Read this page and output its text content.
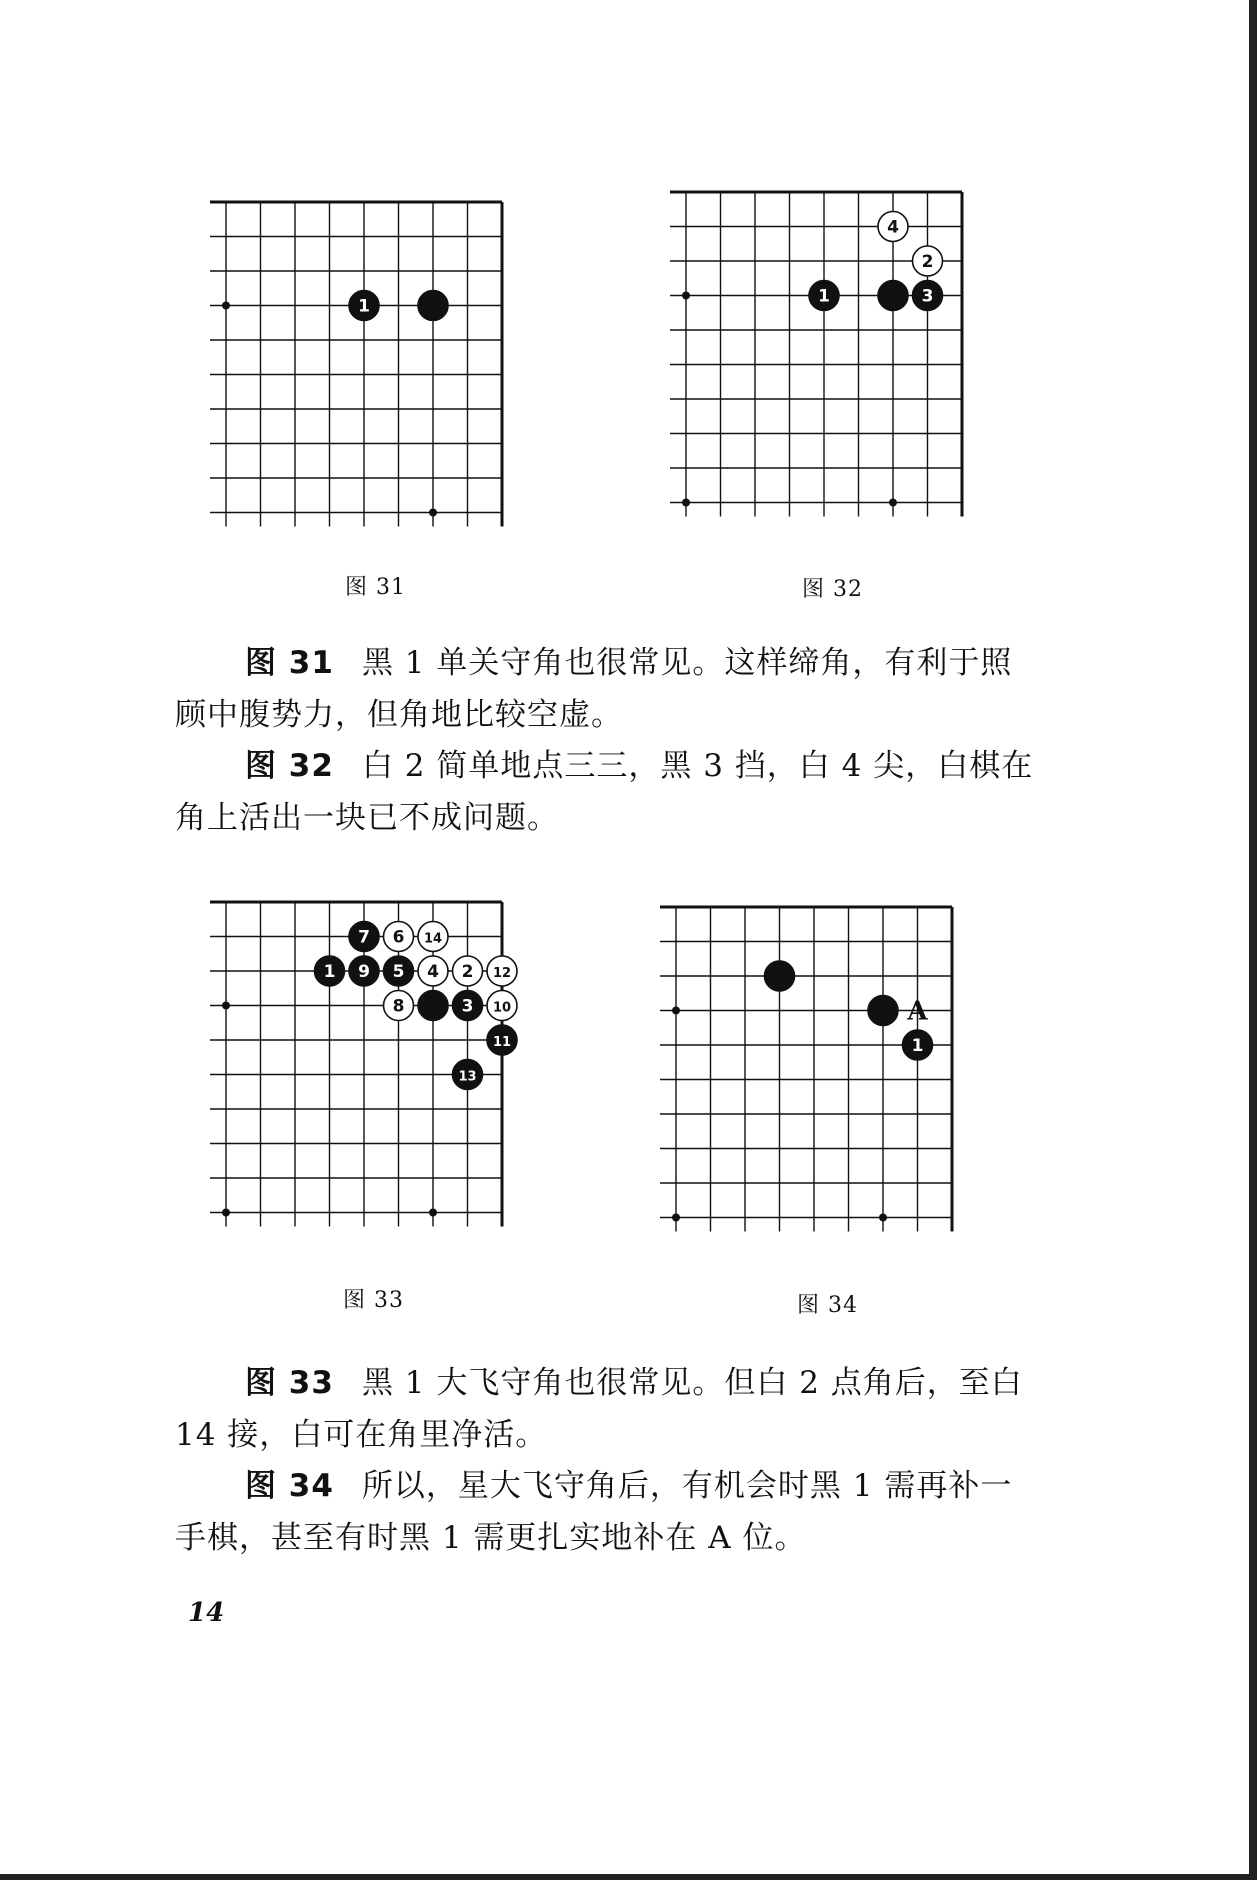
1	1	3
2
4
7 6 14
1 9 5 4 2 12
8	3 10
11
13
1
A
图 31	图 32
图 33	图 34
图 31 黑 1 单关守角也很常见。这样缔角，有利于照
顾中腹势力，但角地比较空虚。
图 32 白 2 简单地点三三，黑 3 挡，白 4 尖，白棋在
角上活出一块已不成问题。
图 33 黑 1 大飞守角也很常见。但白 2 点角后，至白
14 接，白可在角里净活。
图 34 所以，星大飞守角后，有机会时黑 1 需再补一
手棋，甚至有时黑 1 需更扎实地补在 A 位。
14
